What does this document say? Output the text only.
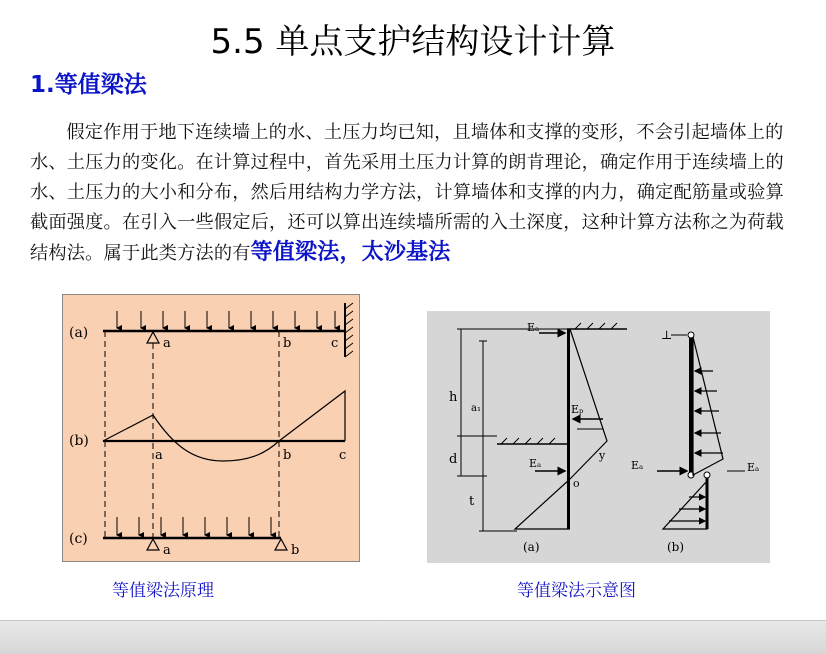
5.5 单点支护结构设计计算
1.等值梁法
假定作用于地下连续墙上的水、土压力均已知，且墙体和支撑的变形，不会引起墙体上的水、土压力的变化。在计算过程中，首先采用土压力计算的朗肯理论，确定作用于连续墙上的水、土压力的大小和分布，然后用结构力学方法，计算墙体和支撑的内力，确定配筋量或验算截面强度。在引入一些假定后，还可以算出连续墙所需的入土深度，这种计算方法称之为荷载结构法。属于此类方法的有等值梁法，太沙基法
(a)
a	b	c
(b)
a	b	c
(c)
a	b
等值梁法原理
h
a₁
d
t
y
o
Eₐ
Eₚ
Eₐ
(a)
⊥
Eₐ	Eₐ
(b)
等值梁法示意图
